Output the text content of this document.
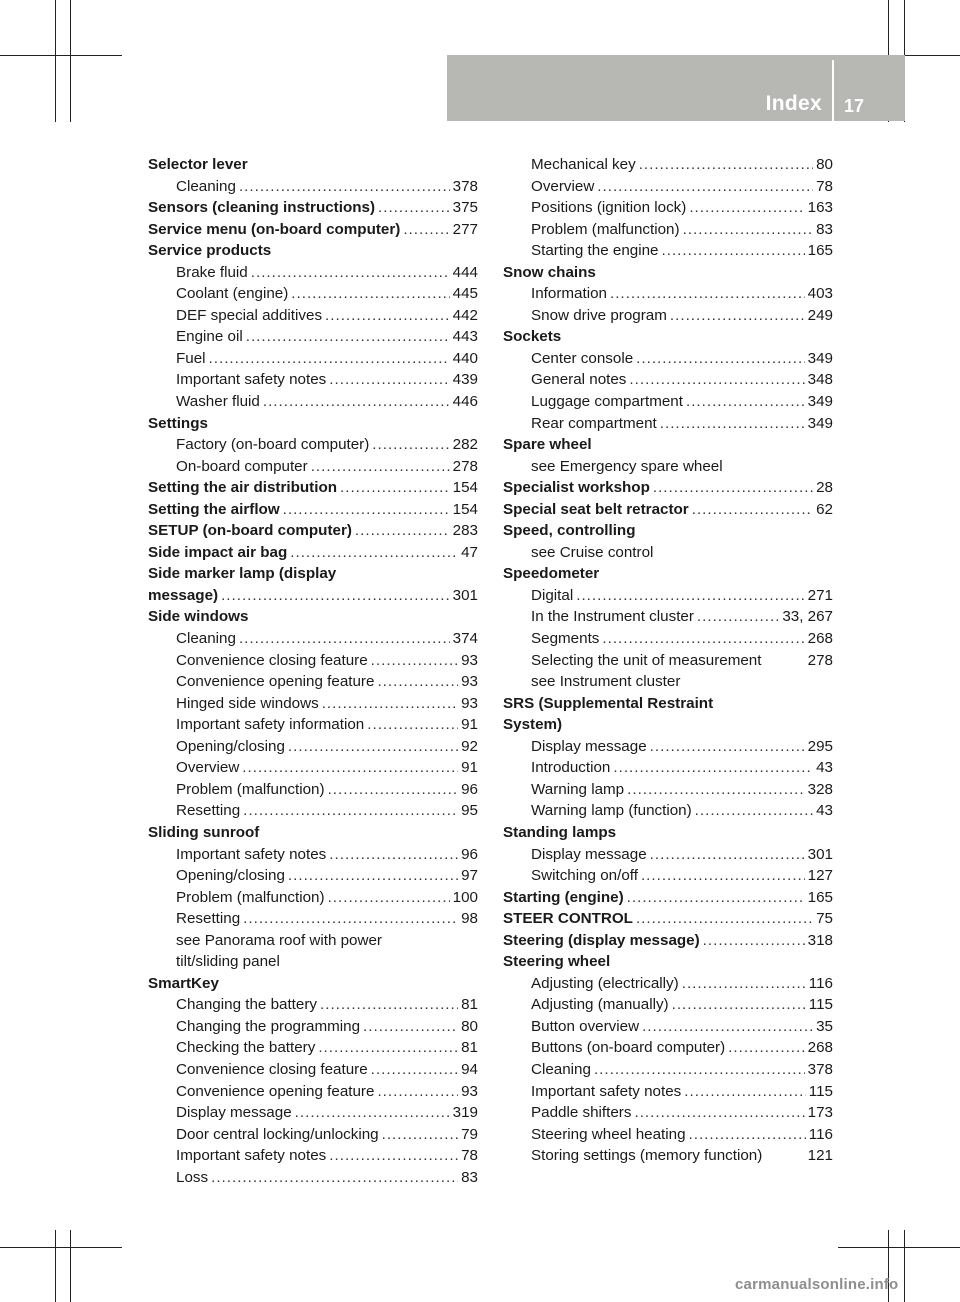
Index 17
Selector lever
Cleaning .....	378
Sensors (cleaning instructions) .....	375
Service menu (on-board computer) .....	277
Service products
Brake fluid .....	444
Coolant (engine) .....	445
DEF special additives .....	442
Engine oil .....	443
Fuel .....	440
Important safety notes .....	439
Washer fluid .....	446
Settings
Factory (on-board computer) .....	282
On-board computer .....	278
Setting the air distribution .....	154
Setting the airflow .....	154
SETUP (on-board computer) .....	283
Side impact air bag .....	47
Side marker lamp (display
message) .....	301
Side windows
Cleaning .....	374
Convenience closing feature .....	93
Convenience opening feature .....	93
Hinged side windows .....	93
Important safety information .....	91
Opening/closing .....	92
Overview .....	91
Problem (malfunction) .....	96
Resetting .....	95
Sliding sunroof
Important safety notes .....	96
Opening/closing .....	97
Problem (malfunction) .....	100
Resetting .....	98
see Panorama roof with power
tilt/sliding panel
SmartKey
Changing the battery .....	81
Changing the programming .....	80
Checking the battery .....	81
Convenience closing feature .....	94
Convenience opening feature .....	93
Display message .....	319
Door central locking/unlocking .....	79
Important safety notes .....	78
Loss .....	83
Mechanical key .....	80
Overview .....	78
Positions (ignition lock) .....	163
Problem (malfunction) .....	83
Starting the engine .....	165
Snow chains
Information .....	403
Snow drive program .....	249
Sockets
Center console .....	349
General notes .....	348
Luggage compartment .....	349
Rear compartment .....	349
Spare wheel
see Emergency spare wheel
Specialist workshop .....	28
Special seat belt retractor .....	62
Speed, controlling
see Cruise control
Speedometer
Digital .....	271
In the Instrument cluster .....	33, 267
Segments .....	268
Selecting the unit of measurement	278
see Instrument cluster
SRS (Supplemental Restraint
System)
Display message .....	295
Introduction .....	43
Warning lamp .....	328
Warning lamp (function) .....	43
Standing lamps
Display message .....	301
Switching on/off .....	127
Starting (engine) .....	165
STEER CONTROL .....	75
Steering (display message) .....	318
Steering wheel
Adjusting (electrically) .....	116
Adjusting (manually) .....	115
Button overview .....	35
Buttons (on-board computer) .....	268
Cleaning .....	378
Important safety notes .....	115
Paddle shifters .....	173
Steering wheel heating .....	116
Storing settings (memory function)	121
carmanualsonline.info
